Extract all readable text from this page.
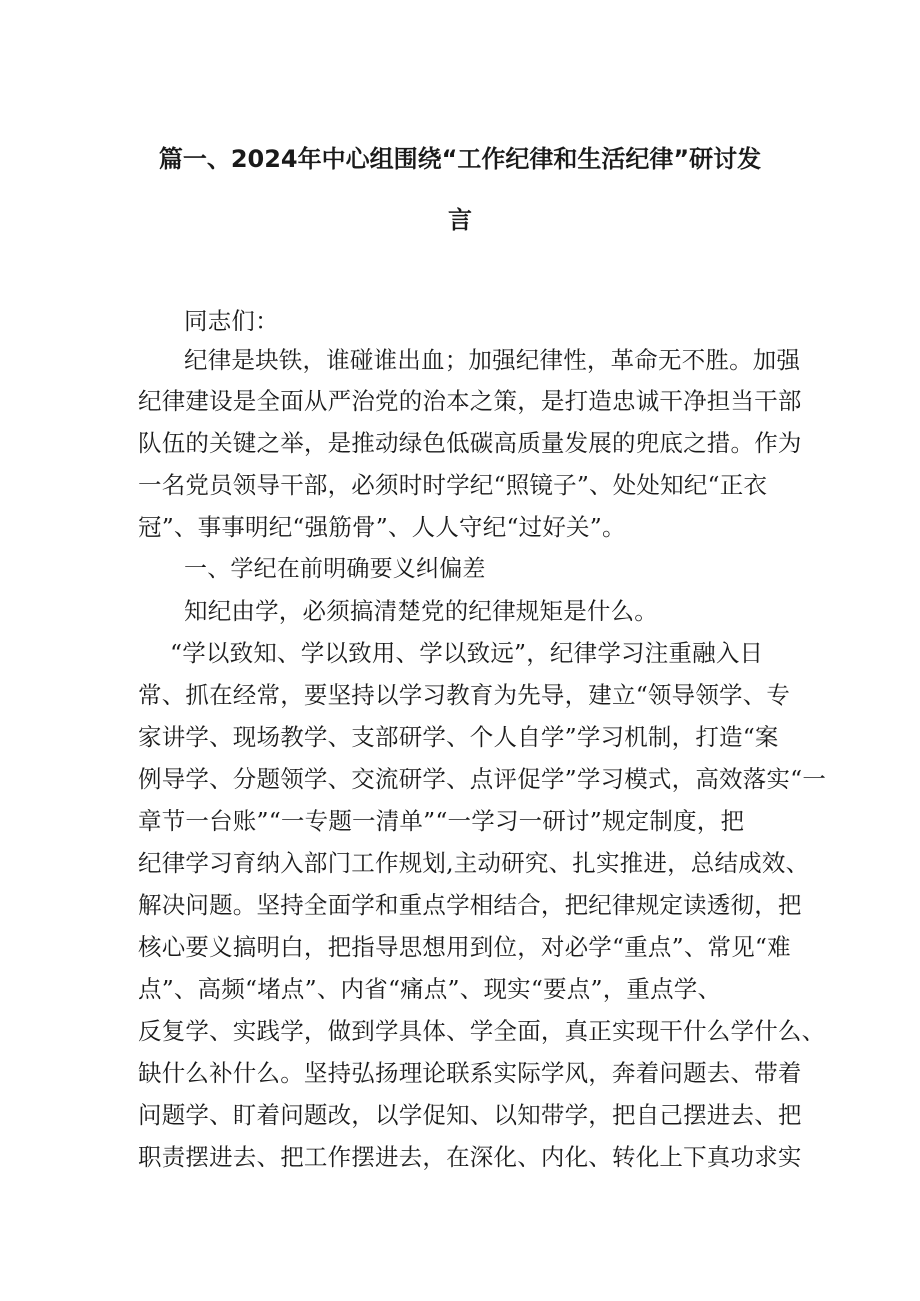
篇一、2024年中心组围绕“工作纪律和生活纪律”研讨发
言
同志们：
纪律是块铁，谁碰谁出血；加强纪律性，革命无不胜。加强
纪律建设是全面从严治党的治本之策，是打造忠诚干净担当干部
队伍的关键之举，是推动绿色低碳高质量发展的兜底之措。作为
一名党员领导干部，必须时时学纪“照镜子”、处处知纪“正衣
冠”、事事明纪“强筋骨”、人人守纪“过好关”。
一、学纪在前明确要义纠偏差
知纪由学，必须搞清楚党的纪律规矩是什么。
“学以致知、学以致用、学以致远”，纪律学习注重融入日
常、抓在经常，要坚持以学习教育为先导，建立“领导领学、专
家讲学、现场教学、支部研学、个人自学”学习机制，打造“案
例导学、分题领学、交流研学、点评促学”学习模式，高效落实“一
章节一台账”“一专题一清单”“一学习一研讨”规定制度，把
纪律学习育纳入部门工作规划,主动研究、扎实推进，总结成效、
解决问题。坚持全面学和重点学相结合，把纪律规定读透彻，把
核心要义搞明白，把指导思想用到位，对必学“重点”、常见“难
点”、高频“堵点”、内省“痛点”、现实“要点”，重点学、
反复学、实践学，做到学具体、学全面，真正实现干什么学什么、
缺什么补什么。坚持弘扬理论联系实际学风，奔着问题去、带着
问题学、盯着问题改，以学促知、以知带学，把自己摆进去、把
职责摆进去、把工作摆进去，在深化、内化、转化上下真功求实
